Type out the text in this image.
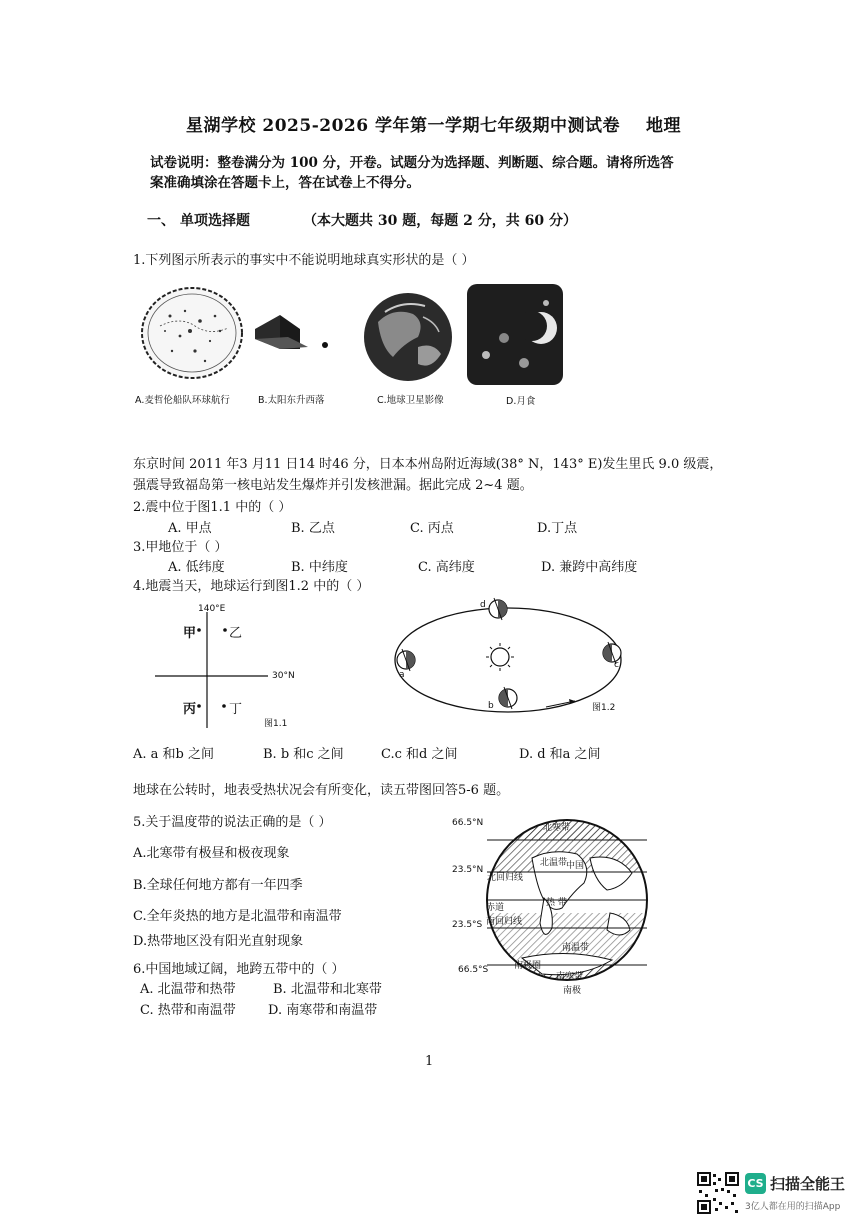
星湖学校 2025-2026 学年第一学期七年级期中测试卷 地理
试卷说明：整卷满分为 100 分，开卷。试题分为选择题、判断题、综合题。请将所选答
案准确填涂在答题卡上，答在试卷上不得分。
一、 单项选择题	（本大题共 30 题，每题 2 分，共 60 分）
1.下列图示所表示的事实中不能说明地球真实形状的是（ ）
A.麦哲伦船队环球航行	B.太阳东升西落	C.地球卫星影像	D.月食
东京时间 2011 年3 月11 日14 时46 分，日本本州岛附近海域(38° N，143° E)发生里氏 9.0 级震，
强震导致福岛第一核电站发生爆炸并引发核泄漏。据此完成 2~4 题。
2.震中位于图1.1 中的（ ）
A. 甲点	B. 乙点	C. 丙点	D.丁点
3.甲地位于（ ）
A. 低纬度	B. 中纬度	C. 高纬度	D. 兼跨中高纬度
4.地震当天，地球运行到图1.2 中的（ ）
140°E
30°N
甲	乙
丙	丁
图1.1
d
a
b
c
图1.2
A. a 和b 之间	B. b 和c 之间	C.c 和d 之间	D. d 和a 之间
地球在公转时，地表受热状况会有所变化，读五带图回答5-6 题。
5.关于温度带的说法正确的是（ ）
A.北寒带有极昼和极夜现象
B.全球任何地方都有一年四季
C.全年炎热的地方是北温带和南温带
D.热带地区没有阳光直射现象
6.中国地域辽阔，地跨五带中的（ ）
A. 北温带和热带	B. 北温带和北寒带
C. 热带和南温带 D. 南寒带和南温带
66.5°N
23.5°N
23.5°S
66.5°S
北寒带
北温带
中国
北回归线
热 带
赤道
南回归线
南温带
南极圈
南寒带
南极
1
CS 扫描全能王
3亿人都在用的扫描App
